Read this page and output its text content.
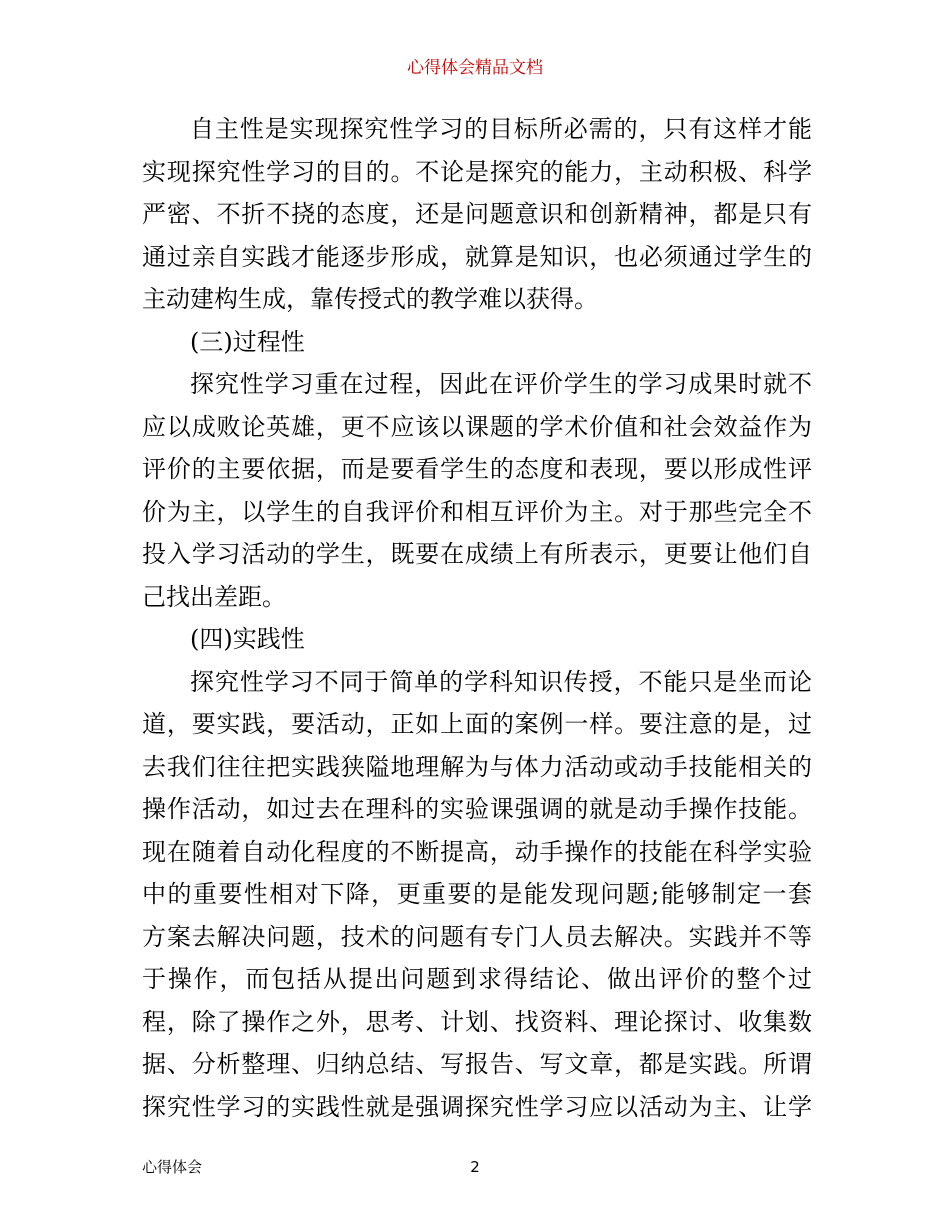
心得体会精品文档
自主性是实现探究性学习的目标所必需的，只有这样才能
实现探究性学习的目的。不论是探究的能力，主动积极、科学
严密、不折不挠的态度，还是问题意识和创新精神，都是只有
通过亲自实践才能逐步形成，就算是知识，也必须通过学生的
主动建构生成，靠传授式的教学难以获得。
(三)过程性
探究性学习重在过程，因此在评价学生的学习成果时就不
应以成败论英雄，更不应该以课题的学术价值和社会效益作为
评价的主要依据，而是要看学生的态度和表现，要以形成性评
价为主，以学生的自我评价和相互评价为主。对于那些完全不
投入学习活动的学生，既要在成绩上有所表示，更要让他们自
己找出差距。
(四)实践性
探究性学习不同于简单的学科知识传授，不能只是坐而论
道，要实践，要活动，正如上面的案例一样。要注意的是，过
去我们往往把实践狭隘地理解为与体力活动或动手技能相关的
操作活动，如过去在理科的实验课强调的就是动手操作技能。
现在随着自动化程度的不断提高，动手操作的技能在科学实验
中的重要性相对下降，更重要的是能发现问题;能够制定一套
方案去解决问题，技术的问题有专门人员去解决。实践并不等
于操作，而包括从提出问题到求得结论、做出评价的整个过
程，除了操作之外，思考、计划、找资料、理论探讨、收集数
据、分析整理、归纳总结、写报告、写文章，都是实践。所谓
探究性学习的实践性就是强调探究性学习应以活动为主、让学
心得体会	2
